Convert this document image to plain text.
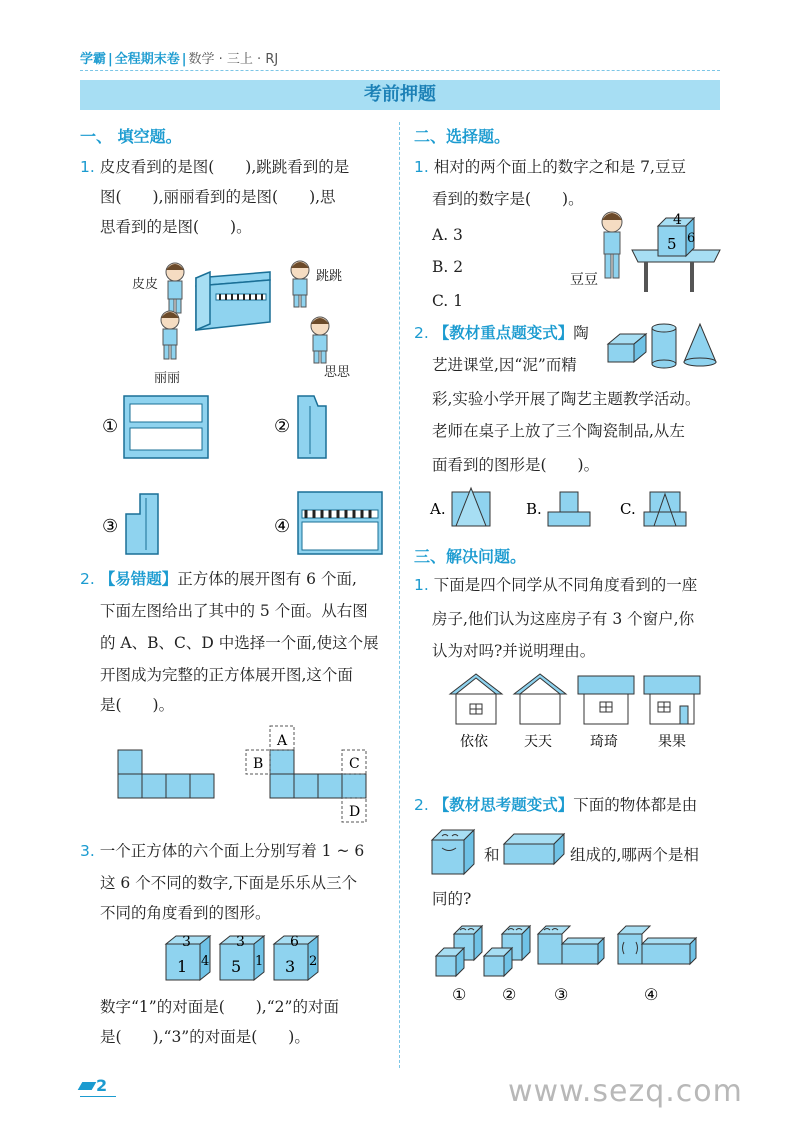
学霸 | 全程期末卷 | 数学 · 三上 · RJ
考前押题
一、 填空题。
1. 皮皮看到的是图(　　),跳跳看到的是
图(　　),丽丽看到的是图(　　),思
思看到的是图(　　)。
皮皮
跳跳
丽丽	思思
①	②
③	④
2. 【易错题】正方体的展开图有 6 个面,
下面左图给出了其中的 5 个面。从右图
的 A、B、C、D 中选择一个面,使这个展
开图成为完整的正方体展开图,这个面
是(　　)。
A
B	C
D
3. 一个正方体的六个面上分别写着 1 ~ 6
这 6 个不同的数字,下面是乐乐从三个
不同的角度看到的图形。
3
1 4
3
5 1
6
3 2
数字“1”的对面是(　　),“2”的对面
是(　　),“3”的对面是(　　)。
二、选择题。
1. 相对的两个面上的数字之和是 7,豆豆
看到的数字是(　　)。
A. 3
B. 2
C. 1
豆豆
4
5 6
2. 【教材重点题变式】陶
艺进课堂,因“泥”而精
彩,实验小学开展了陶艺主题教学活动。
老师在桌子上放了三个陶瓷制品,从左
面看到的图形是(　　)。
A.	B.	C.
三、解决问题。
1. 下面是四个同学从不同角度看到的一座
房子,他们认为这座房子有 3 个窗户,你
认为对吗?并说明理由。
依依	天天	琦琦	果果
2. 【教材思考题变式】下面的物体都是由
和	组成的,哪两个是相
同的?
① ② ③	④
2	www.sezq.com
